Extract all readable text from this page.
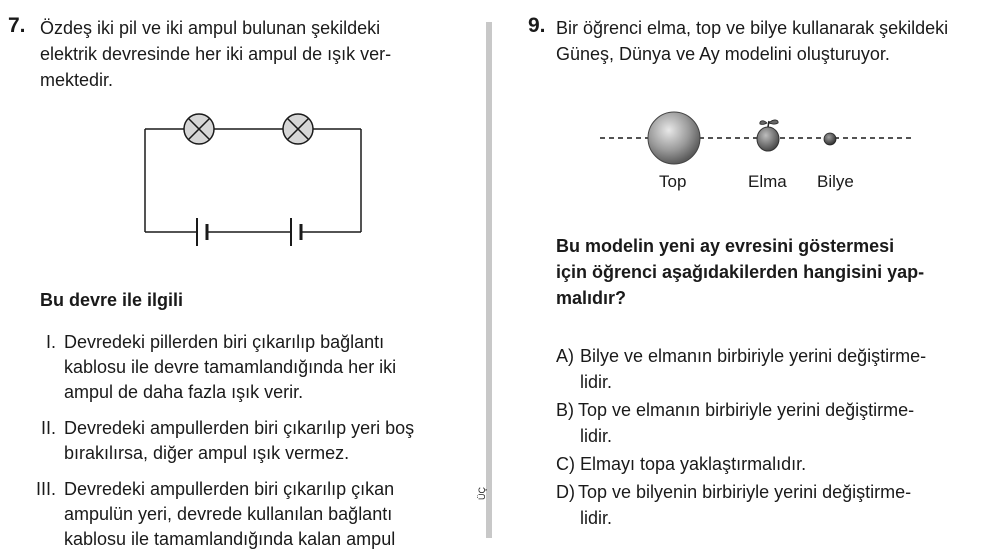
7. Özdeş iki pil ve iki ampul bulunan şekildeki
elektrik devresinde her iki ampul de ışık ver-
mektedir.
Bu devre ile ilgili
I. Devredeki pillerden biri çıkarılıp bağlantı
kablosu ile devre tamamlandığında her iki
ampul de daha fazla ışık verir.
II. Devredeki ampullerden biri çıkarılıp yeri boş
bırakılırsa, diğer ampul ışık vermez.
III. Devredeki ampullerden biri çıkarılıp çıkan
ampulün yeri, devrede kullanılan bağlantı
kablosu ile tamamlandığında kalan ampul
ÜÇ
9. Bir öğrenci elma, top ve bilye kullanarak şekildeki
Güneş, Dünya ve Ay modelini oluşturuyor.
Top	Elma Bilye
Bu modelin yeni ay evresini göstermesi
için öğrenci aşağıdakilerden hangisini yap-
malıdır?
A) Bilye ve elmanın birbiriyle yerini değiştirme-
lidir.
B) Top ve elmanın birbiriyle yerini değiştirme-
lidir.
C) Elmayı topa yaklaştırmalıdır.
D) Top ve bilyenin birbiriyle yerini değiştirme-
lidir.
